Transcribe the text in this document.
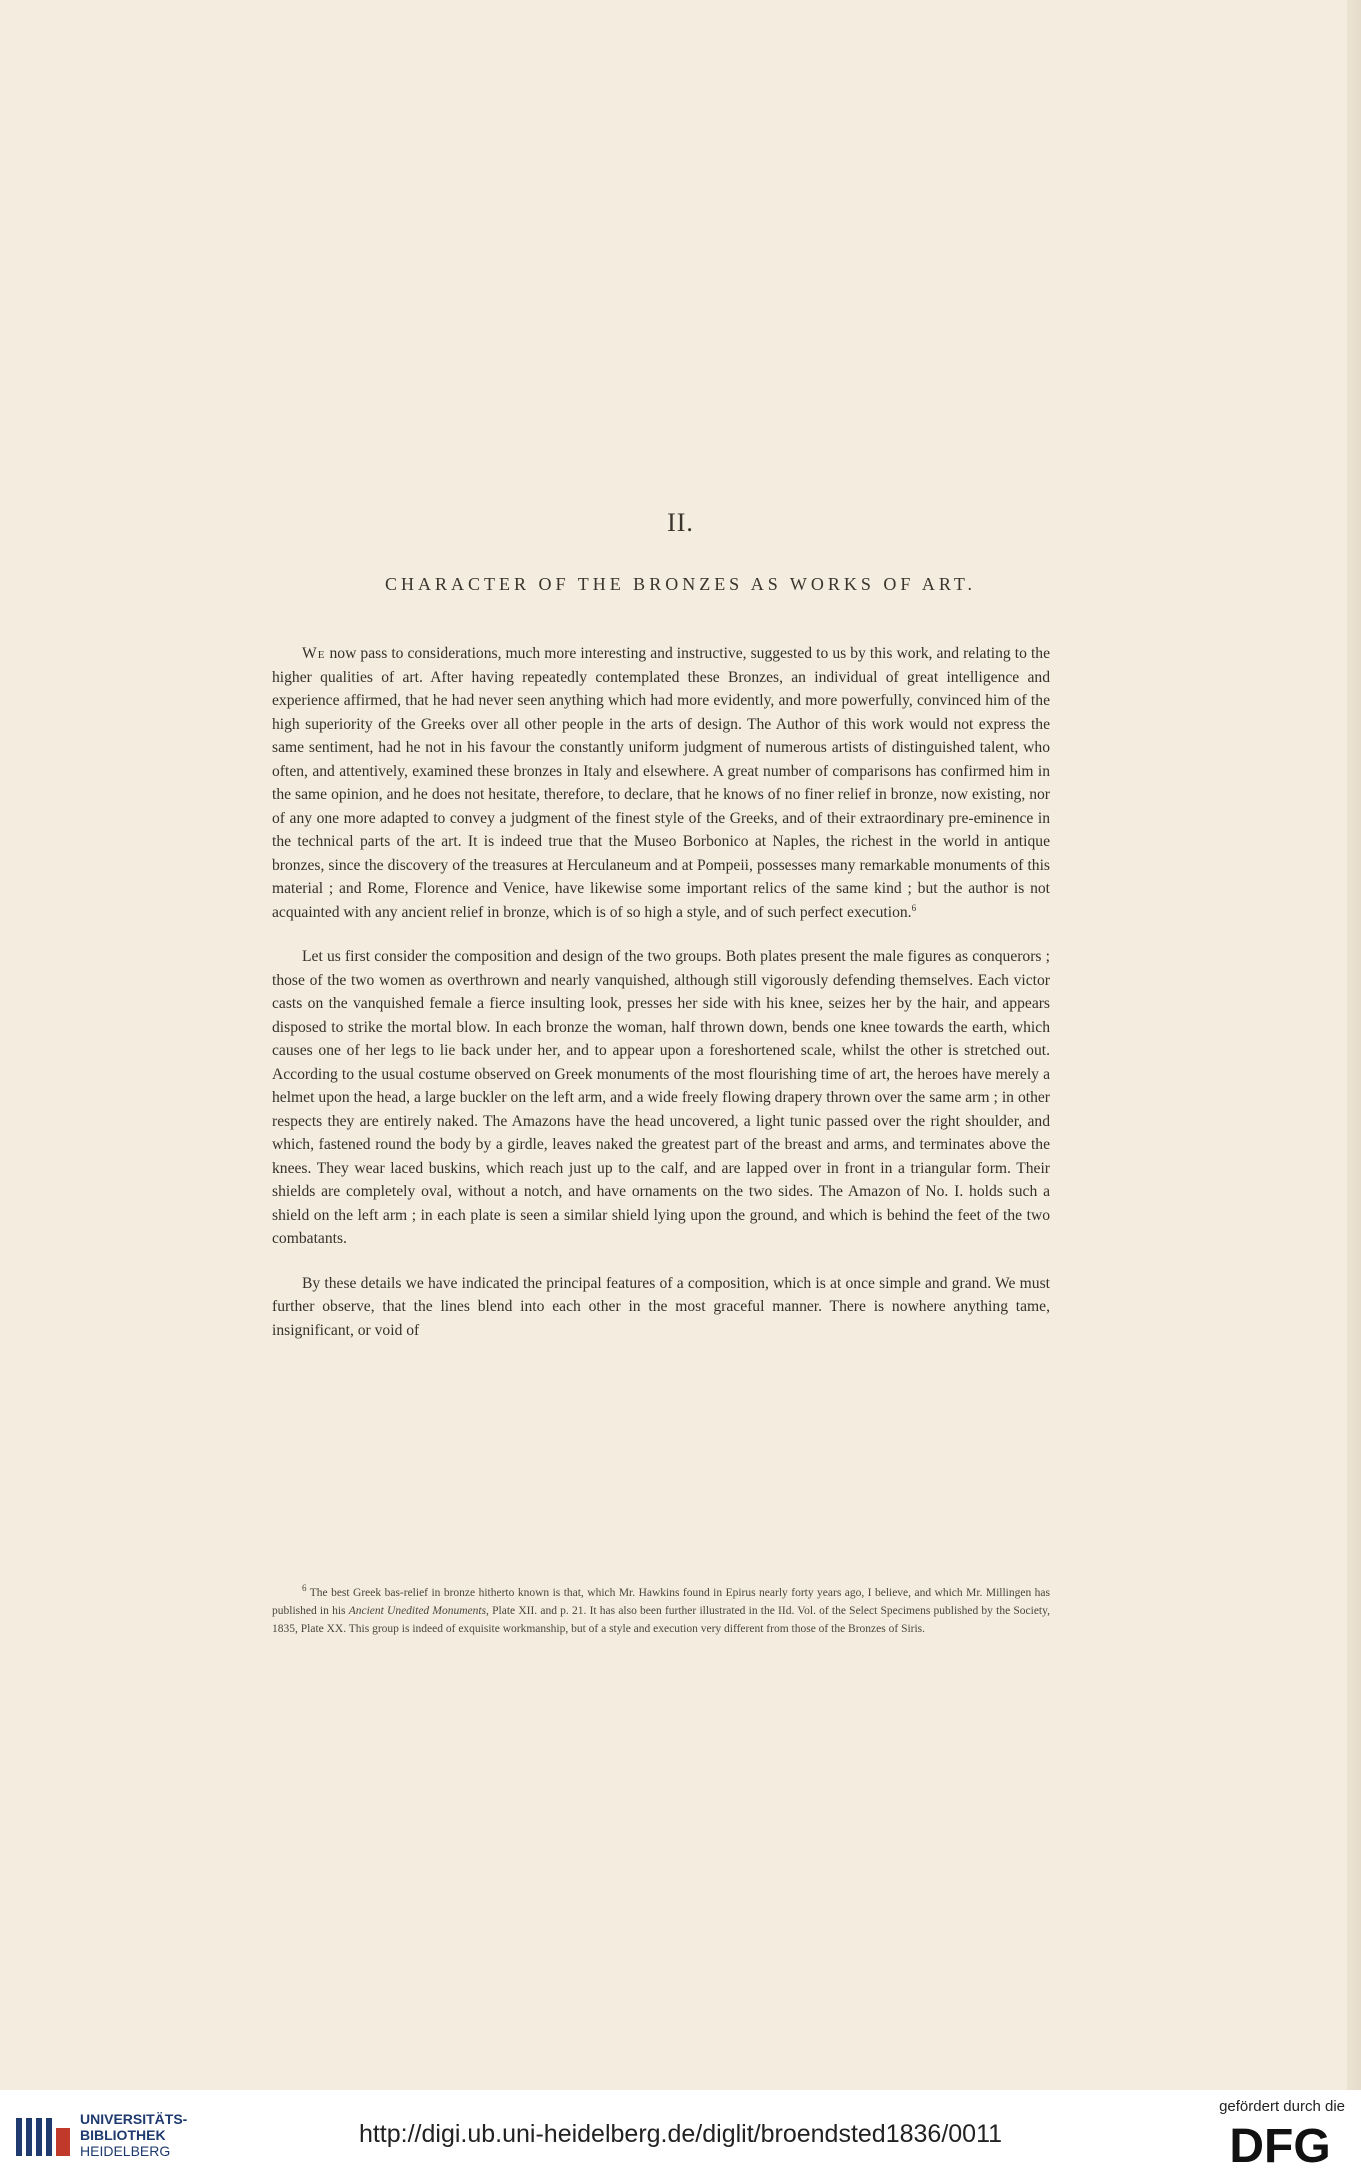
II.
CHARACTER OF THE BRONZES AS WORKS OF ART.

We now pass to considerations, much more interesting and instructive, suggested to us by this work, and relating to the higher qualities of art. After having repeatedly contemplated these Bronzes, an individual of great intelligence and experience affirmed, that he had never seen anything which had more evidently, and more powerfully, convinced him of the high superiority of the Greeks over all other people in the arts of design. The Author of this work would not express the same sentiment, had he not in his favour the constantly uniform judgment of numerous artists of distinguished talent, who often, and attentively, examined these bronzes in Italy and elsewhere. A great number of comparisons has confirmed him in the same opinion, and he does not hesitate, therefore, to declare, that he knows of no finer relief in bronze, now existing, nor of any one more adapted to convey a judgment of the finest style of the Greeks, and of their extraordinary pre-eminence in the technical parts of the art. It is indeed true that the Museo Borbonico at Naples, the richest in the world in antique bronzes, since the discovery of the treasures at Herculaneum and at Pompeii, possesses many remarkable monuments of this material ; and Rome, Florence and Venice, have likewise some important relics of the same kind ; but the author is not acquainted with any ancient relief in bronze, which is of so high a style, and of such perfect execution.$^6$

Let us first consider the composition and design of the two groups. Both plates present the male figures as conquerors ; those of the two women as overthrown and nearly vanquished, although still vigorously defending themselves. Each victor casts on the vanquished female a fierce insulting look, presses her side with his knee, seizes her by the hair, and appears disposed to strike the mortal blow. In each bronze the woman, half thrown down, bends one knee towards the earth, which causes one of her legs to lie back under her, and to appear upon a foreshortened scale, whilst the other is stretched out. According to the usual costume observed on Greek monuments of the most flourishing time of art, the heroes have merely a helmet upon the head, a large buckler on the left arm, and a wide freely flowing drapery thrown over the same arm ; in other respects they are entirely naked. The Amazons have the head uncovered, a light tunic passed over the right shoulder, and which, fastened round the body by a girdle, leaves naked the greatest part of the breast and arms, and terminates above the knees. They wear laced buskins, which reach just up to the calf, and are lapped over in front in a triangular form. Their shields are completely oval, without a notch, and have ornaments on the two sides. The Amazon of No. I. holds such a shield on the left arm ; in each plate is seen a similar shield lying upon the ground, and which is behind the feet of the two combatants.

By these details we have indicated the principal features of a composition, which is at once simple and grand. We must further observe, that the lines blend into each other in the most graceful manner. There is nowhere anything tame, insignificant, or void of

$^6$ The best Greek bas-relief in bronze hitherto known is that, which Mr. Hawkins found in Epirus nearly forty years ago, I believe, and which Mr. Millingen has published in his Ancient Unedited Monuments, Plate XII. and p. 21. It has also been further illustrated in the IId. Vol. of the Select Specimens published by the Society, 1835, Plate XX. This group is indeed of exquisite workmanship, but of a style and execution very different from those of the Bronzes of Siris.
UNIVERSITÄTS-
BIBLIOTHEK
HEIDELBERG
http://digi.ub.uni-heidelberg.de/diglit/broendsted1836/0011
gefördert durch die
DFG
